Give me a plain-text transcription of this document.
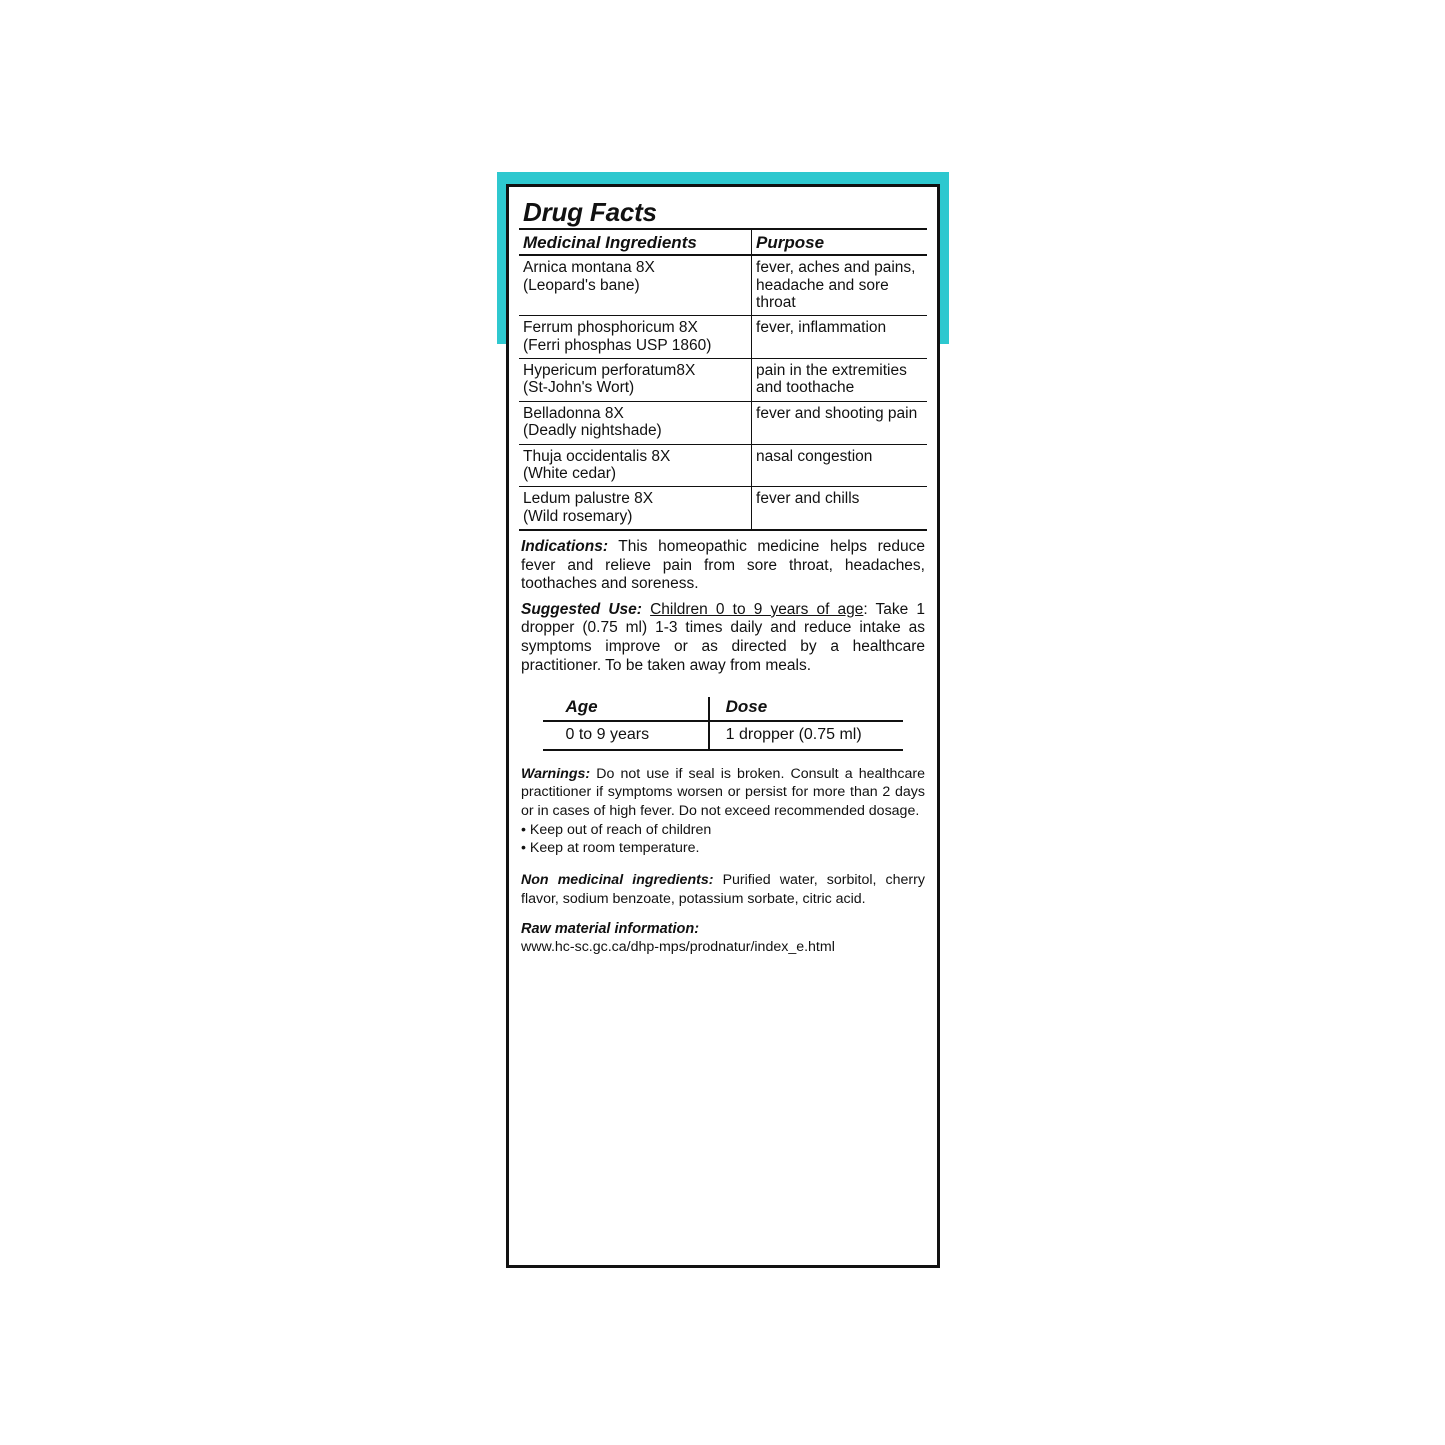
Drug Facts
Medicinal Ingredients	Purpose
Arnica montana 8X
(Leopard's bane)	fever, aches and pains, headache and sore throat
Ferrum phosphoricum 8X
(Ferri phosphas USP 1860)	fever, inflammation
Hypericum perforatum8X
(St-John's Wort)	pain in the extremities and toothache
Belladonna 8X
(Deadly nightshade)	fever and shooting pain
Thuja occidentalis 8X
(White cedar)	nasal congestion
Ledum palustre 8X
(Wild rosemary)	fever and chills

Indications: This homeopathic medicine helps reduce fever and relieve pain from sore throat, headaches, toothaches and soreness.

Suggested Use: Children 0 to 9 years of age: Take 1 dropper (0.75 ml) 1-3 times daily and reduce intake as symptoms improve or as directed by a healthcare practitioner. To be taken away from meals.

Age	Dose
0 to 9 years	1 dropper (0.75 ml)

Warnings: Do not use if seal is broken. Consult a healthcare practitioner if symptoms worsen or persist for more than 2 days or in cases of high fever. Do not exceed recommended dosage.

• Keep out of reach of children
• Keep at room temperature.

Non medicinal ingredients: Purified water, sorbitol, cherry flavor, sodium benzoate, potassium sorbate, citric acid.

Raw material information:
www.hc-sc.gc.ca/dhp-mps/prodnatur/index_e.html
